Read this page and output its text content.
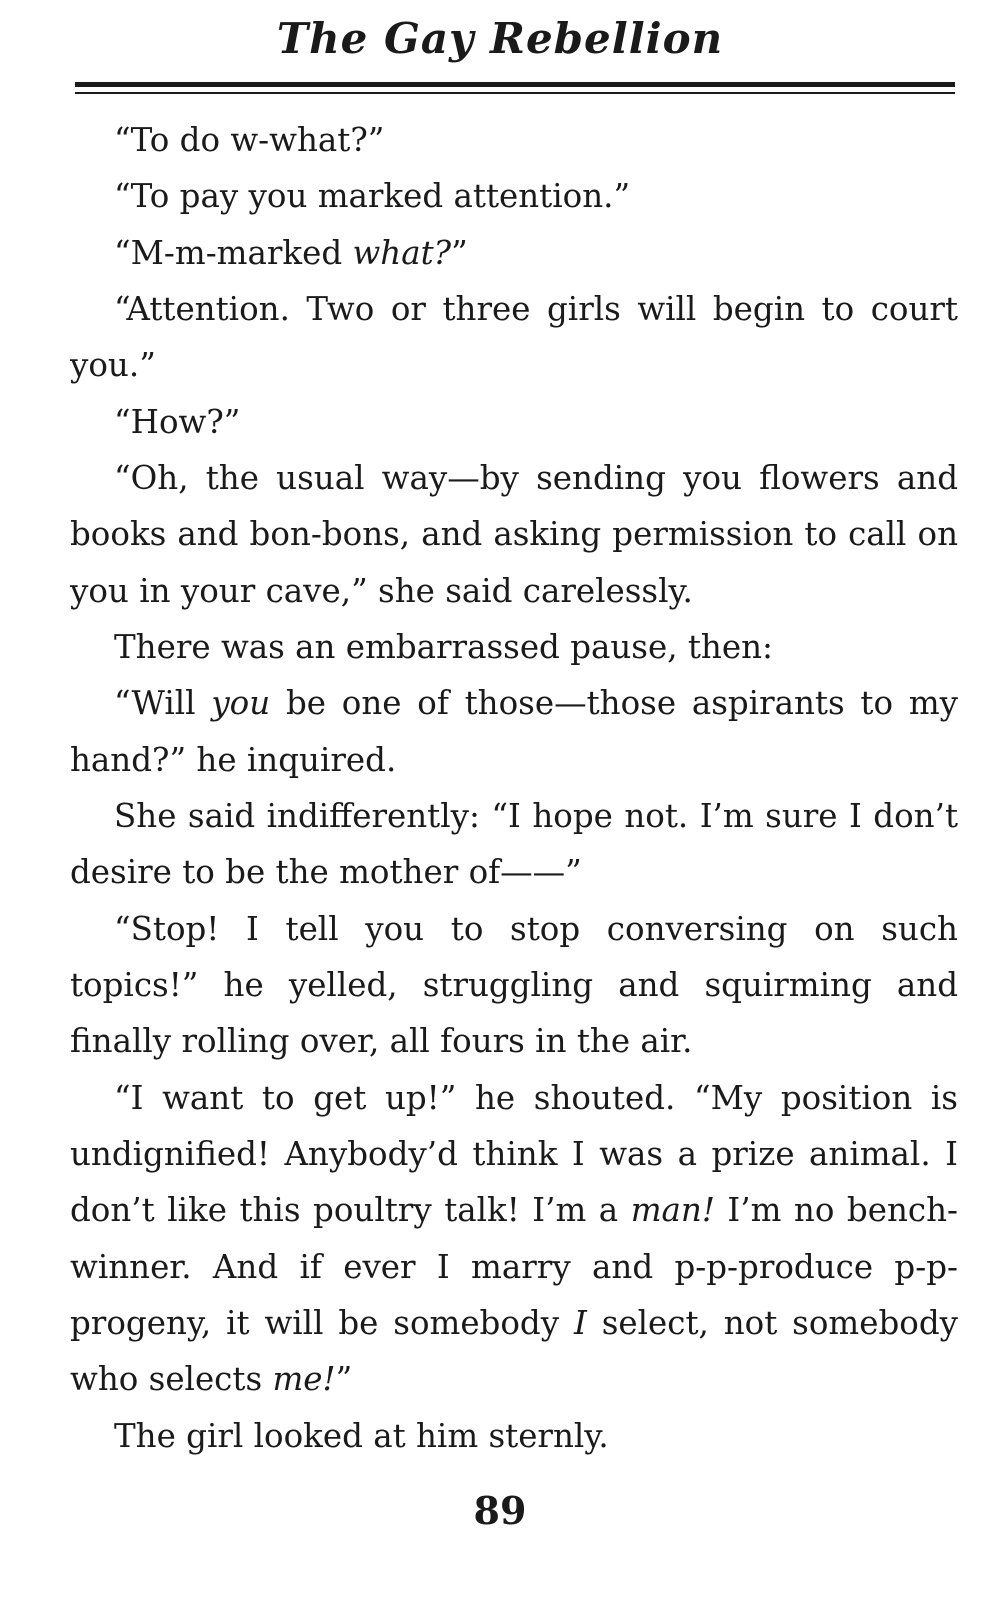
The Gay Rebellion

“To do w-what?”

“To pay you marked attention.”

“M-m-marked what?”

“Attention. Two or three girls will begin to court you.”

“How?”

“Oh, the usual way—by sending you flowers and books and bon-bons, and asking permission to call on you in your cave,” she said carelessly.

There was an embarrassed pause, then:

“Will you be one of those—those aspirants to my hand?” he inquired.

She said indifferently: “I hope not. I’m sure I don’t desire to be the mother of——”

“Stop! I tell you to stop conversing on such topics!” he yelled, struggling and squirming and finally rolling over, all fours in the air.

“I want to get up!” he shouted. “My position is undignified! Anybody’d think I was a prize animal. I don’t like this poultry talk! I’m a man! I’m no bench-winner. And if ever I marry and p-p-produce p-p-progeny, it will be somebody I select, not somebody who selects me!”

The girl looked at him sternly.

89
